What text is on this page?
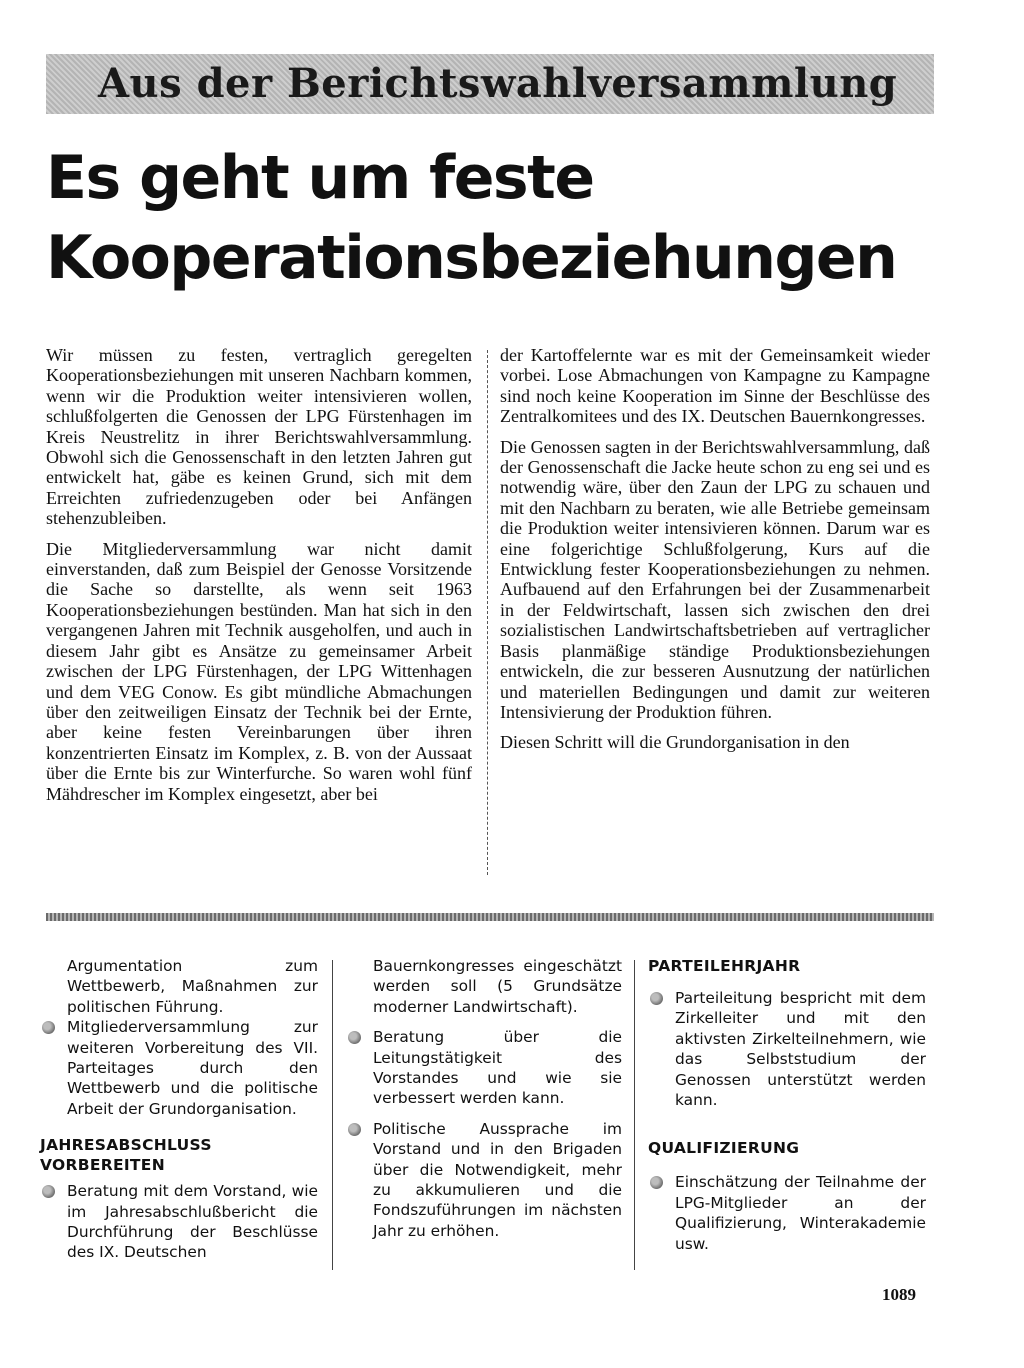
Aus der Berichtswahlversammlung
Es geht um feste
Kooperationsbeziehungen

Wir müssen zu festen, vertraglich geregelten Kooperationsbeziehungen mit unseren Nachbarn kommen, wenn wir die Produktion weiter intensivieren wollen, schlußfolgerten die Genossen der LPG Fürstenhagen im Kreis Neustrelitz in ihrer Berichtswahlversammlung. Obwohl sich die Genossenschaft in den letzten Jahren gut entwickelt hat, gäbe es keinen Grund, sich mit dem Erreichten zufriedenzugeben oder bei Anfängen stehenzubleiben.

Die Mitgliederversammlung war nicht damit einverstanden, daß zum Beispiel der Genosse Vorsitzende die Sache so darstellte, als wenn seit 1963 Kooperationsbeziehungen bestünden. Man hat sich in den vergangenen Jahren mit Technik ausgeholfen, und auch in diesem Jahr gibt es Ansätze zu gemeinsamer Arbeit zwischen der LPG Fürstenhagen, der LPG Wittenhagen und dem VEG Conow. Es gibt mündliche Abmachungen über den zeitweiligen Einsatz der Technik bei der Ernte, aber keine festen Vereinbarungen über ihren konzentrierten Einsatz im Komplex, z. B. von der Aussaat über die Ernte bis zur Winterfurche. So waren wohl fünf Mähdrescher im Komplex eingesetzt, aber bei

der Kartoffelernte war es mit der Gemeinsamkeit wieder vorbei. Lose Abmachungen von Kampagne zu Kampagne sind noch keine Kooperation im Sinne der Beschlüsse des Zentralkomitees und des IX. Deutschen Bauernkongresses.

Die Genossen sagten in der Berichtswahlversammlung, daß der Genossenschaft die Jacke heute schon zu eng sei und es notwendig wäre, über den Zaun der LPG zu schauen und mit den Nachbarn zu beraten, wie alle Betriebe gemeinsam die Produktion weiter intensivieren können. Darum war es eine folgerichtige Schlußfolgerung, Kurs auf die Entwicklung fester Kooperationsbeziehungen zu nehmen. Aufbauend auf den Erfahrungen bei der Zusammenarbeit in der Feldwirtschaft, lassen sich zwischen den drei sozialistischen Landwirtschaftsbetrieben auf vertraglicher Basis planmäßige ständige Produktionsbeziehungen entwickeln, die zur besseren Ausnutzung der natürlichen und materiellen Bedingungen und damit zur weiteren Intensivierung der Produktion führen.

Diesen Schritt will die Grundorganisation in den

Argumentation zum Wettbewerb, Maßnahmen zur politischen Führung.

Mitgliederversammlung zur weiteren Vorbereitung des VII. Parteitages durch den Wettbewerb und die politische Arbeit der Grundorganisation.

JAHRESABSCHLUSS VORBEREITEN

Beratung mit dem Vorstand, wie im Jahresabschlußbericht die Durchführung der Beschlüsse des IX. Deutschen

Bauernkongresses eingeschätzt werden soll (5 Grundsätze moderner Landwirtschaft).

Beratung über die Leitungstätigkeit des Vorstandes und wie sie verbessert werden kann.

Politische Aussprache im Vorstand und in den Brigaden über die Notwendigkeit, mehr zu akkumulieren und die Fondszuführungen im nächsten Jahr zu erhöhen.

PARTEILEHRJAHR

Parteileitung bespricht mit dem Zirkelleiter und mit den aktivsten Zirkelteilnehmern, wie das Selbststudium der Genossen unterstützt werden kann.

QUALIFIZIERUNG

Einschätzung der Teilnahme der LPG-Mitglieder an der Qualifizierung, Winterakademie usw.

1089
